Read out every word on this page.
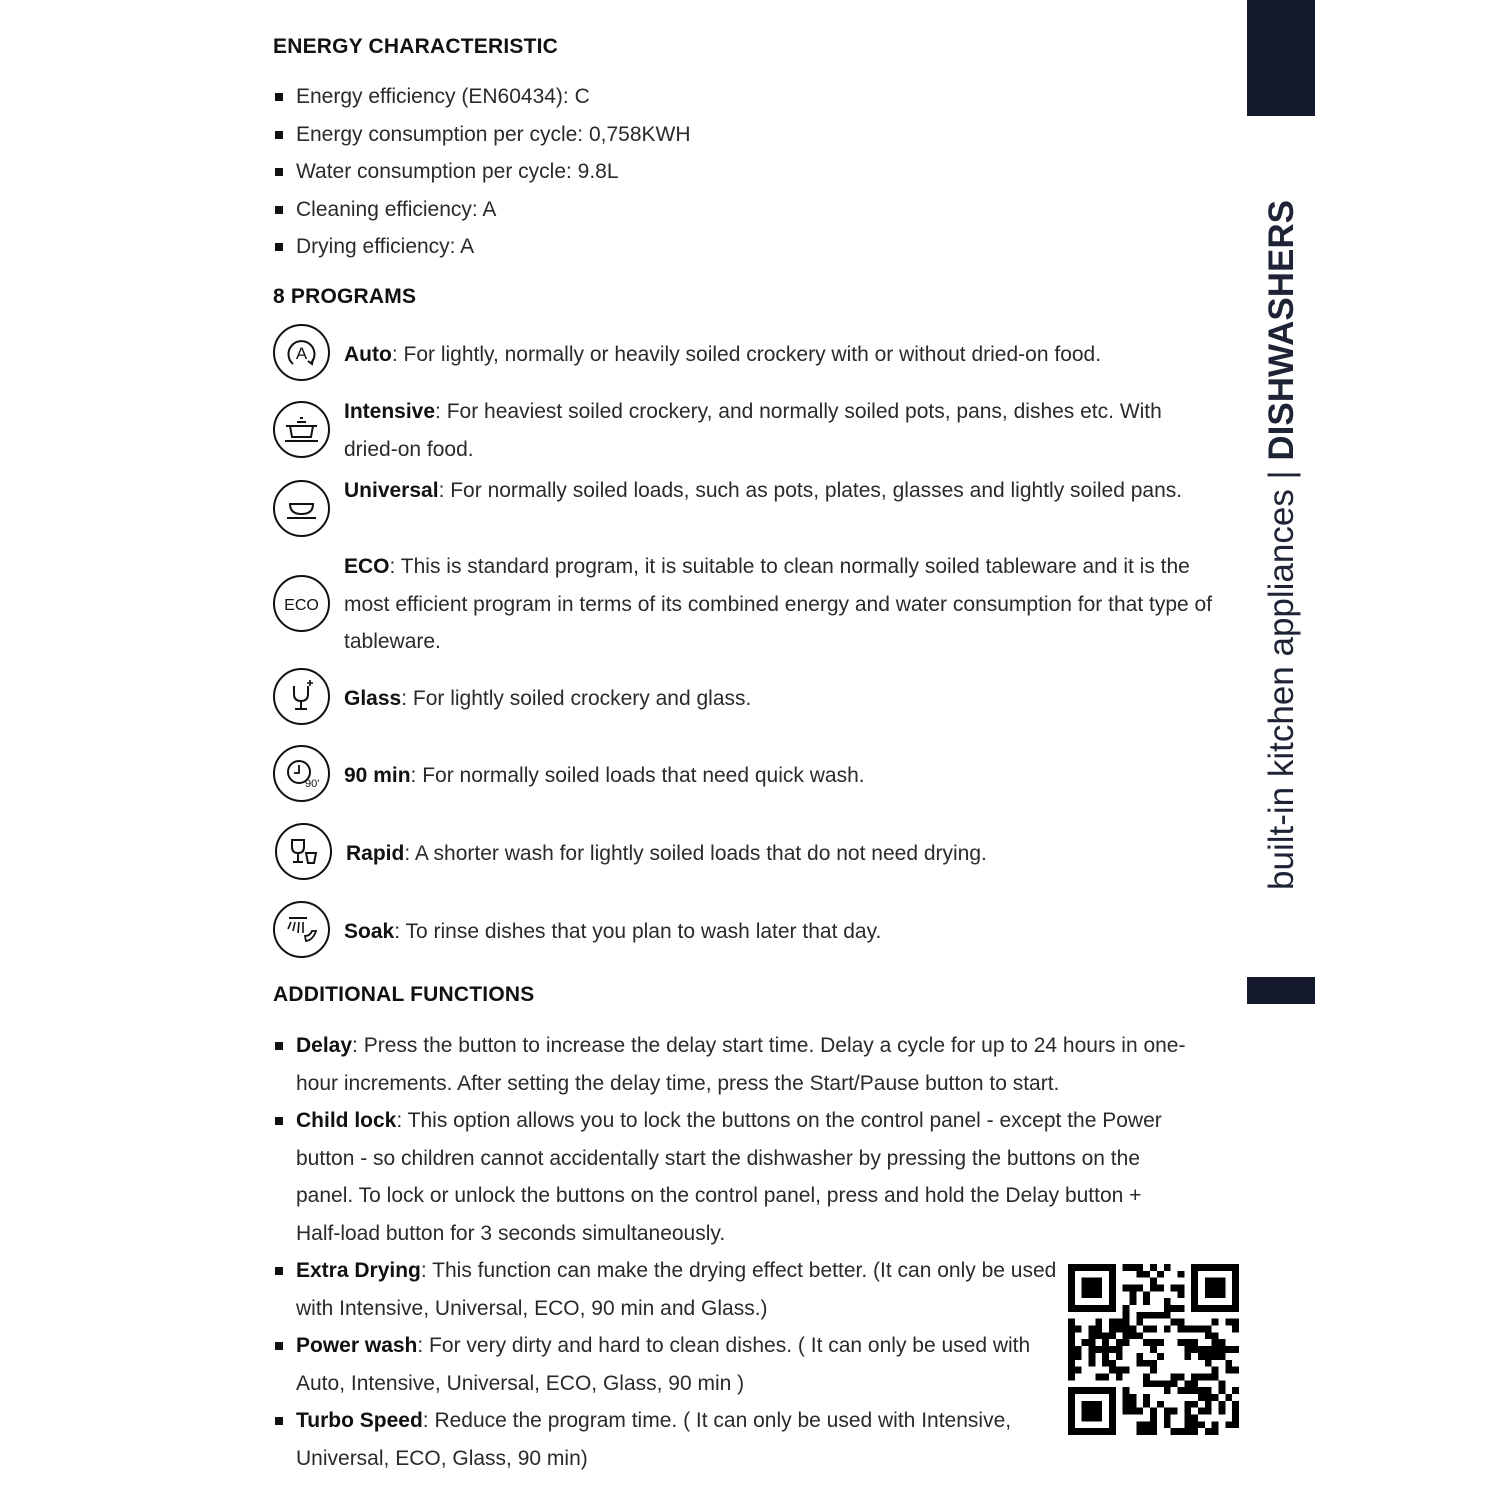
built-in kitchen appliances | DISHWASHERS
ENERGY CHARACTERISTIC
Energy efficiency (EN60434): C
Energy consumption per cycle: 0,758KWH
Water consumption per cycle: 9.8L
Cleaning efficiency: A
Drying efficiency: A
8 PROGRAMS
A Auto: For lightly, normally or heavily soiled crockery with or without dried-on food.
Intensive: For heaviest soiled crockery, and normally soiled pots, pans, dishes etc. With dried-on food.
Universal: For normally soiled loads, such as pots, plates, glasses and lightly soiled pans.
ECO
ECO: This is standard program, it is suitable to clean normally soiled tableware and it is the most efficient program in terms of its combined energy and water consumption for that type of tableware.
Glass: For lightly soiled crockery and glass.
90' 90 min: For normally soiled loads that need quick wash.
Rapid: A shorter wash for lightly soiled loads that do not need drying.
Soak: To rinse dishes that you plan to wash later that day.
ADDITIONAL FUNCTIONS
Delay: Press the button to increase the delay start time. Delay a cycle for up to 24 hours in one-hour increments. After setting the delay time, press the Start/Pause button to start.
Child lock: This option allows you to lock the buttons on the control panel - except the Power button - so children cannot accidentally start the dishwasher by pressing the buttons on the panel. To lock or unlock the buttons on the control panel, press and hold the Delay button + Half-load button for 3 seconds simultaneously.
Extra Drying: This function can make the drying effect better. (It can only be used with Intensive, Universal, ECO, 90 min and Glass.)
Power wash: For very dirty and hard to clean dishes. ( It can only be used with Auto, Intensive, Universal, ECO, Glass, 90 min )
Turbo Speed: Reduce the program time. ( It can only be used with Intensive, Universal, ECO, Glass, 90 min)
